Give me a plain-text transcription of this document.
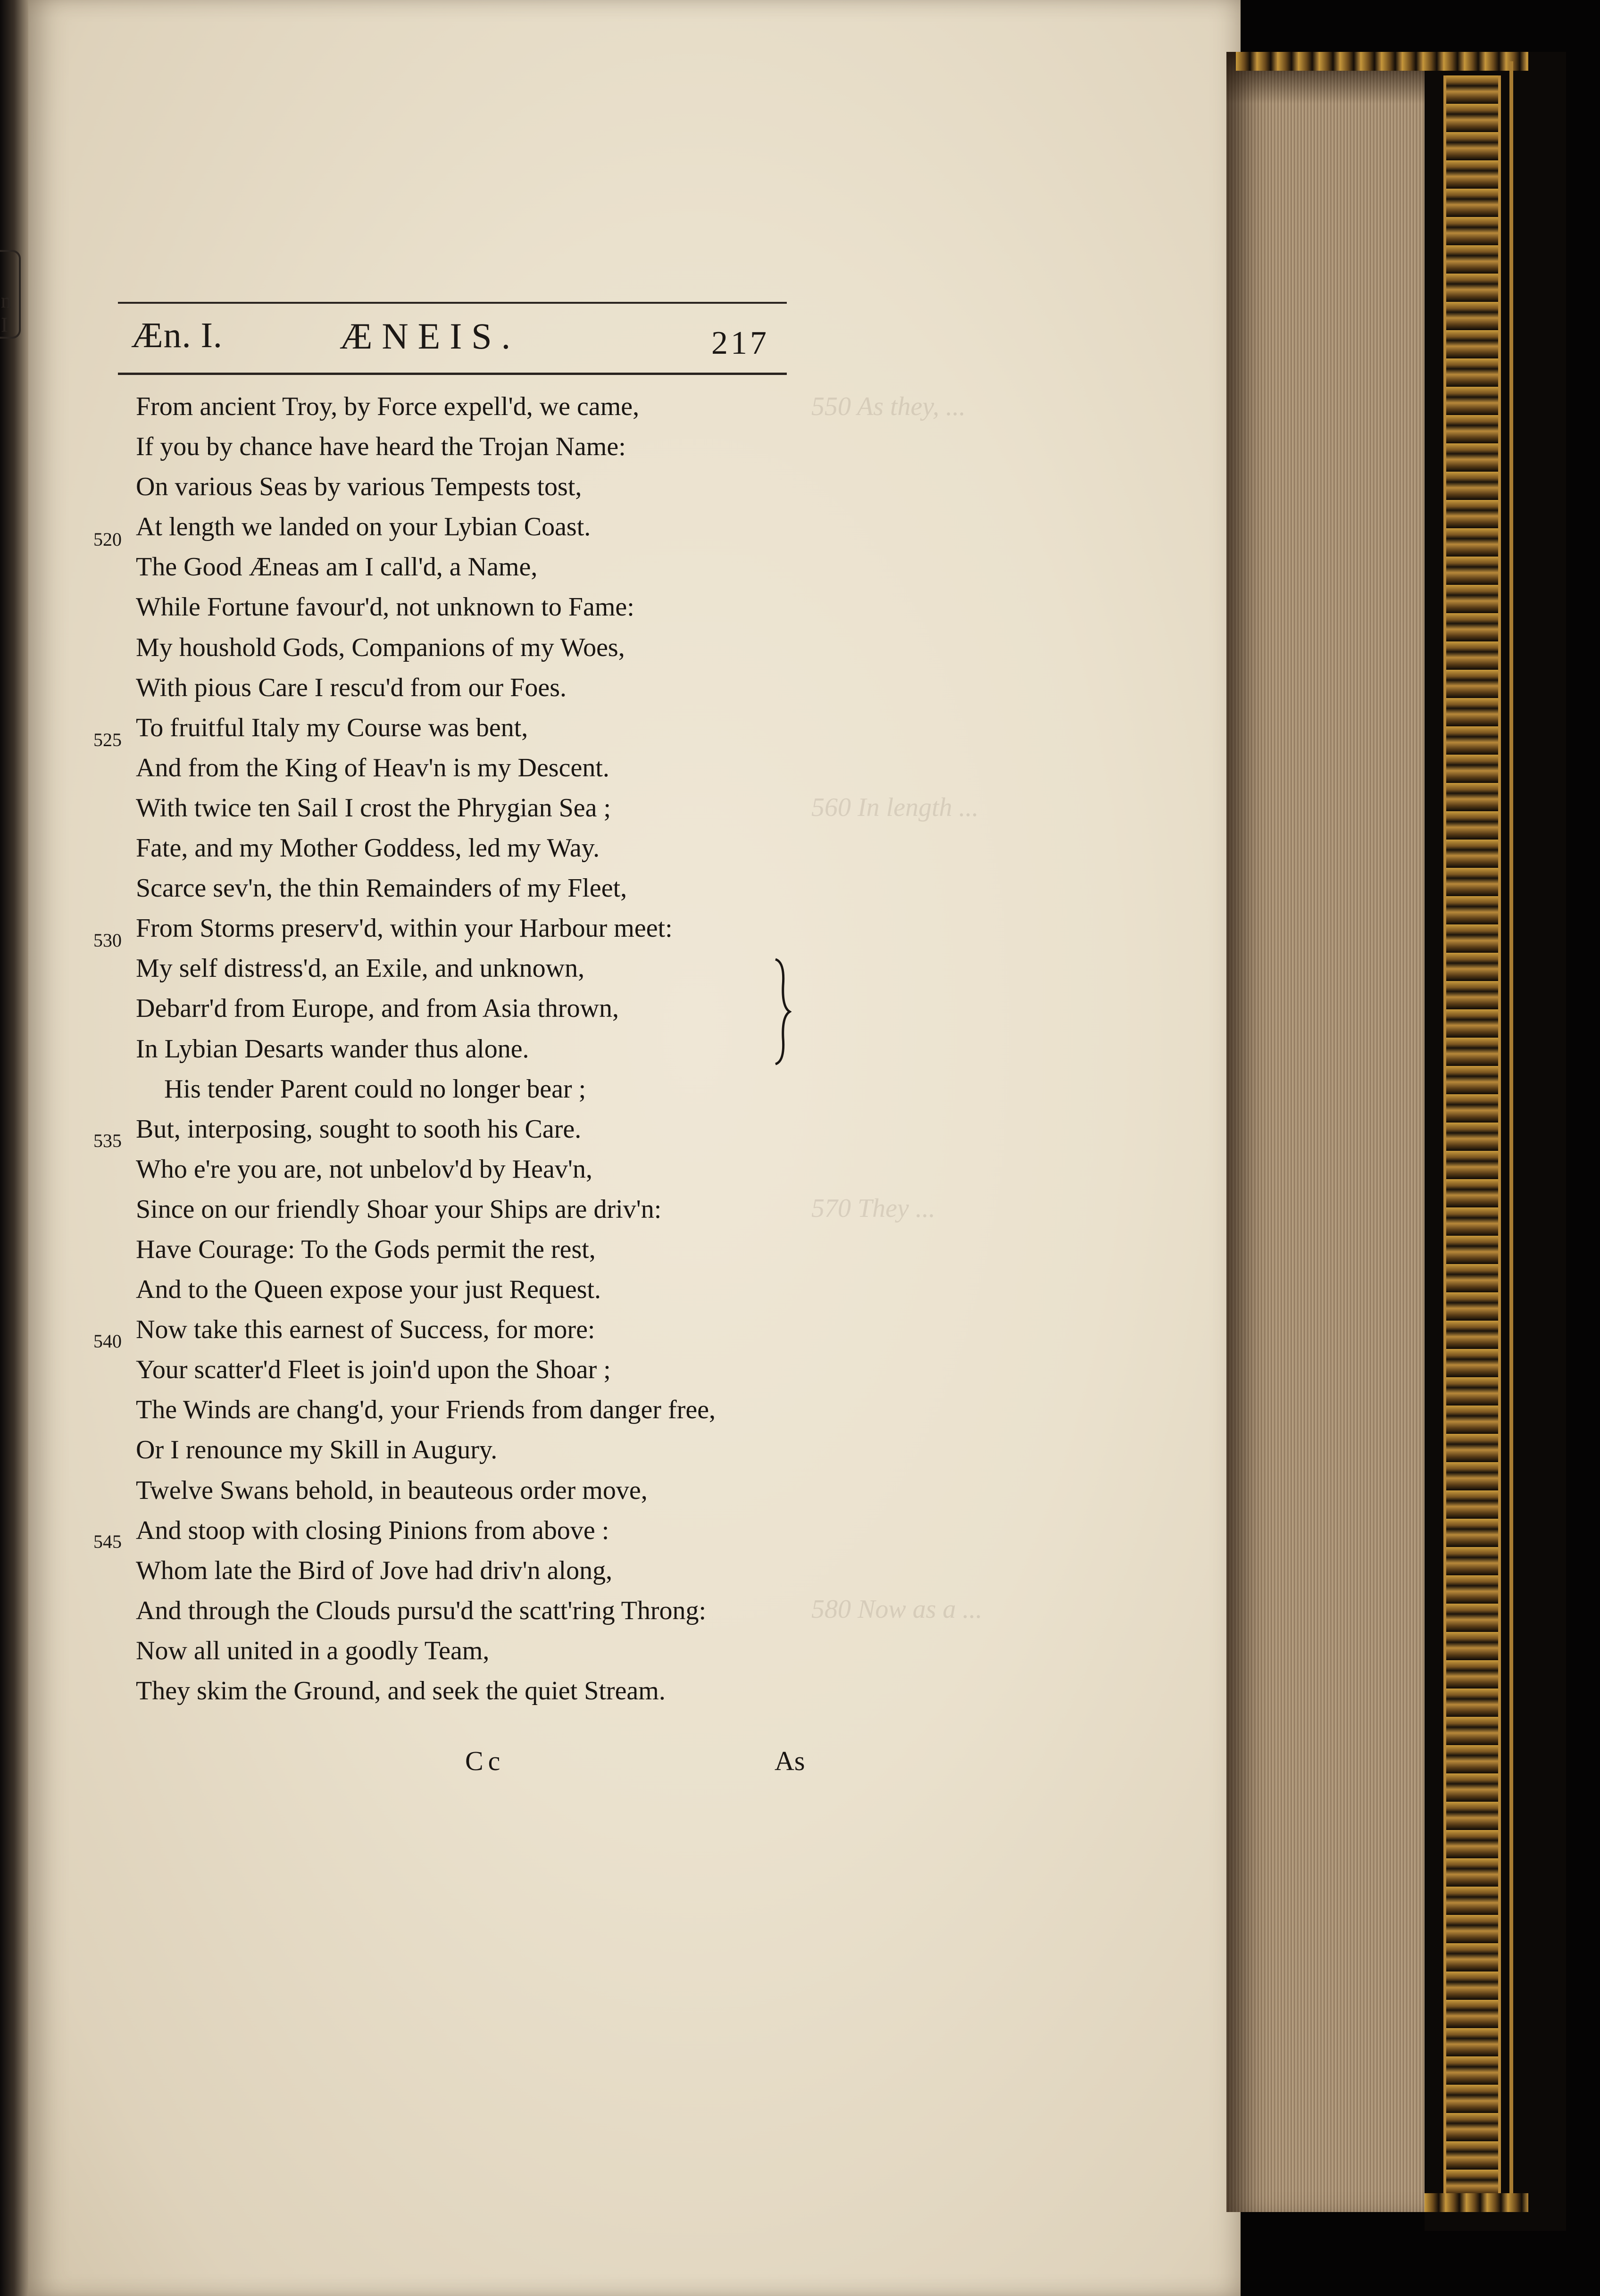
n I
550 As they, ...
560 In length ...
570 They ...
580 Now as a ...
Æn. I.	ÆNEIS.	217
From ancient Troy, by Force expell'd, we came,
If you by chance have heard the Trojan Name:
On various Seas by various Tempests tost,
At length we landed on your Lybian Coast.
The Good Æneas am I call'd, a Name,
While Fortune favour'd, not unknown to Fame:
My houshold Gods, Companions of my Woes,
With pious Care I rescu'd from our Foes.
To fruitful Italy my Course was bent,
And from the King of Heav'n is my Descent.
With twice ten Sail I crost the Phrygian Sea ;
Fate, and my Mother Goddess, led my Way.
Scarce sev'n, the thin Remainders of my Fleet,
From Storms preserv'd, within your Harbour meet:
My self distress'd, an Exile, and unknown,
Debarr'd from Europe, and from Asia thrown,
In Lybian Desarts wander thus alone.
His tender Parent could no longer bear ;
But, interposing, sought to sooth his Care.
Who e're you are, not unbelov'd by Heav'n,
Since on our friendly Shoar your Ships are driv'n:
Have Courage: To the Gods permit the rest,
And to the Queen expose your just Request.
Now take this earnest of Success, for more:
Your scatter'd Fleet is join'd upon the Shoar ;
The Winds are chang'd, your Friends from danger free,
Or I renounce my Skill in Augury.
Twelve Swans behold, in beauteous order move,
And stoop with closing Pinions from above :
Whom late the Bird of Jove had driv'n along,
And through the Clouds pursu'd the scatt'ring Throng:
Now all united in a goodly Team,
They skim the Ground, and seek the quiet Stream.
520
525
530
535
540
545
Cc	As
